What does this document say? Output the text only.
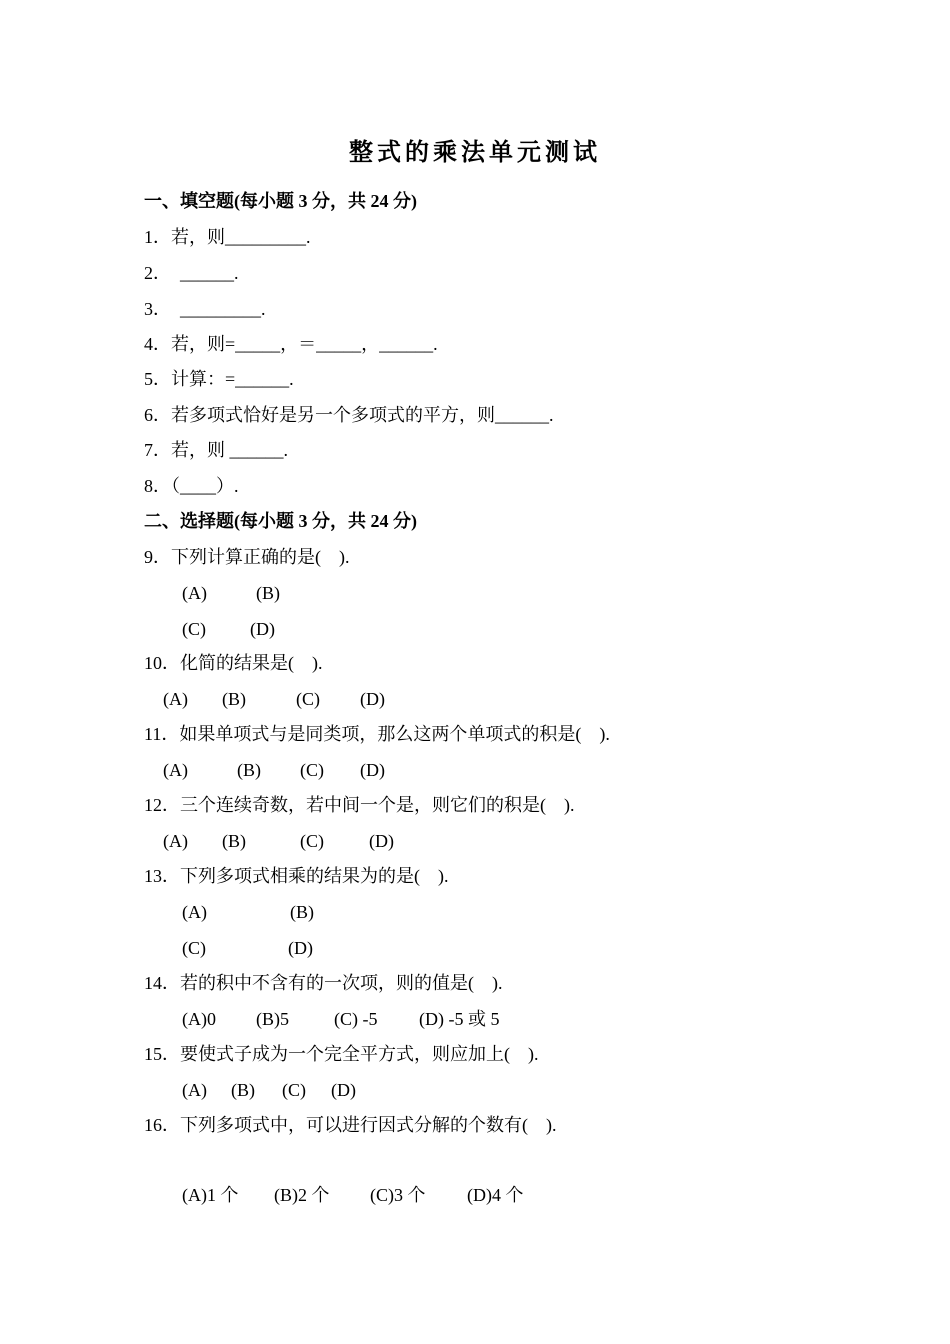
整式的乘法单元测试
一、填空题(每小题 3 分，共 24 分)
1．若，则_________.
2．  ______.
3．  _________.
4．若，则=_____，＝_____，______.
5．计算：=______.
6．若多项式恰好是另一个多项式的平方，则______.
7．若，则 ______.
8．（____）.
二、选择题(每小题 3 分，共 24 分)
9．下列计算正确的是(    ).
(A)	(B)
(C) (D)
10．化简的结果是(    ).
(A) (B)	(C) (D)
11．如果单项式与是同类项，那么这两个单项式的积是(    ).
(A)	(B) (C) (D)
12．三个连续奇数，若中间一个是，则它们的积是(    ).
(A) (B)	(C)	(D)
13．下列多项式相乘的结果为的是(    ).
(A)	(B)
(C)	(D)
14．若的积中不含有的一次项，则的值是(    ).
(A)0 (B)5	(C) -5 (D) -5 或 5
15．要使式子成为一个完全平方式，则应加上(    ).
(A) (B) (C) (D)
16．下列多项式中，可以进行因式分解的个数有(    ).
(A)1 个 (B)2 个 (C)3 个 (D)4 个
